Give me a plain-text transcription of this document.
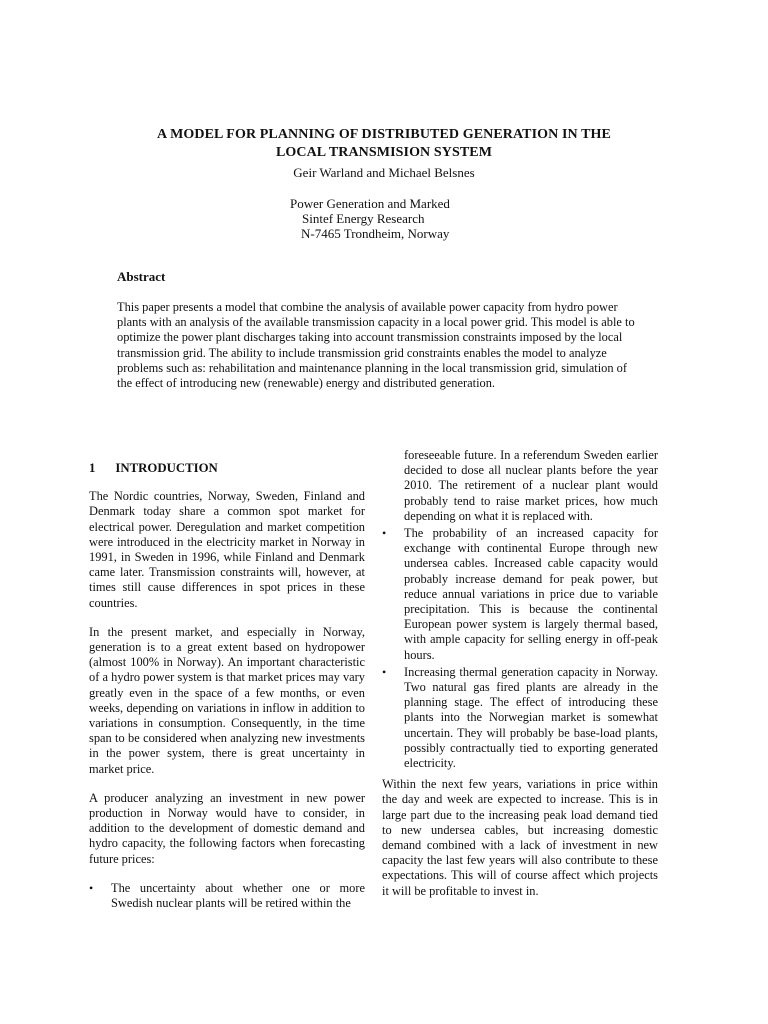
A MODEL FOR PLANNING OF DISTRIBUTED GENERATION IN THE
LOCAL TRANSMISION SYSTEM
Geir Warland and Michael Belsnes
Power Generation and Marked
Sintef Energy Research
N-7465 Trondheim, Norway
Abstract
This paper presents a model that combine the analysis of available power capacity from hydro power plants with an analysis of the available transmission capacity in a local power grid. This model is able to optimize the power plant discharges taking into account transmission constraints imposed by the local transmission grid. The ability to include transmission grid constraints enables the model to analyze problems such as: rehabilitation and maintenance planning in the local transmission grid, simulation of the effect of introducing new (renewable) energy and distributed generation.
1 INTRODUCTION

The Nordic countries, Norway, Sweden, Finland and Denmark today share a common spot market for electrical power. Deregulation and market competition were introduced in the electricity market in Norway in 1991, in Sweden in 1996, while Finland and Denmark came later. Transmission constraints will, however, at times still cause differences in spot prices in these countries.

In the present market, and especially in Norway, generation is to a great extent based on hydropower (almost 100% in Norway). An important characteristic of a hydro power system is that market prices may vary greatly even in the space of a few months, or even weeks, depending on variations in inflow in addition to variations in consumption. Consequently, in the time span to be considered when analyzing new investments in the power system, there is great uncertainty in market price.

A producer analyzing an investment in new power production in Norway would have to consider, in addition to the development of domestic demand and hydro capacity, the following factors when forecasting future prices:

• The uncertainty about whether one or more Swedish nuclear plants will be retired within the
foreseeable future. In a referendum Sweden earlier decided to dose all nuclear plants before the year 2010. The retirement of a nuclear plant would probably tend to raise market prices, how much depending on what it is replaced with.
• The probability of an increased capacity for exchange with continental Europe through new undersea cables. Increased cable capacity would probably increase demand for peak power, but reduce annual variations in price due to variable precipitation. This is because the continental European power system is largely thermal based, with ample capacity for selling energy in off-peak hours.
• Increasing thermal generation capacity in Norway. Two natural gas fired plants are already in the planning stage. The effect of introducing these plants into the Norwegian market is somewhat uncertain. They will probably be base-load plants, possibly contractually tied to exporting generated electricity.

Within the next few years, variations in price within the day and week are expected to increase. This is in large part due to the increasing peak load demand tied to new undersea cables, but increasing domestic demand combined with a lack of investment in new capacity the last few years will also contribute to these expectations. This will of course affect which projects it will be profitable to invest in.
